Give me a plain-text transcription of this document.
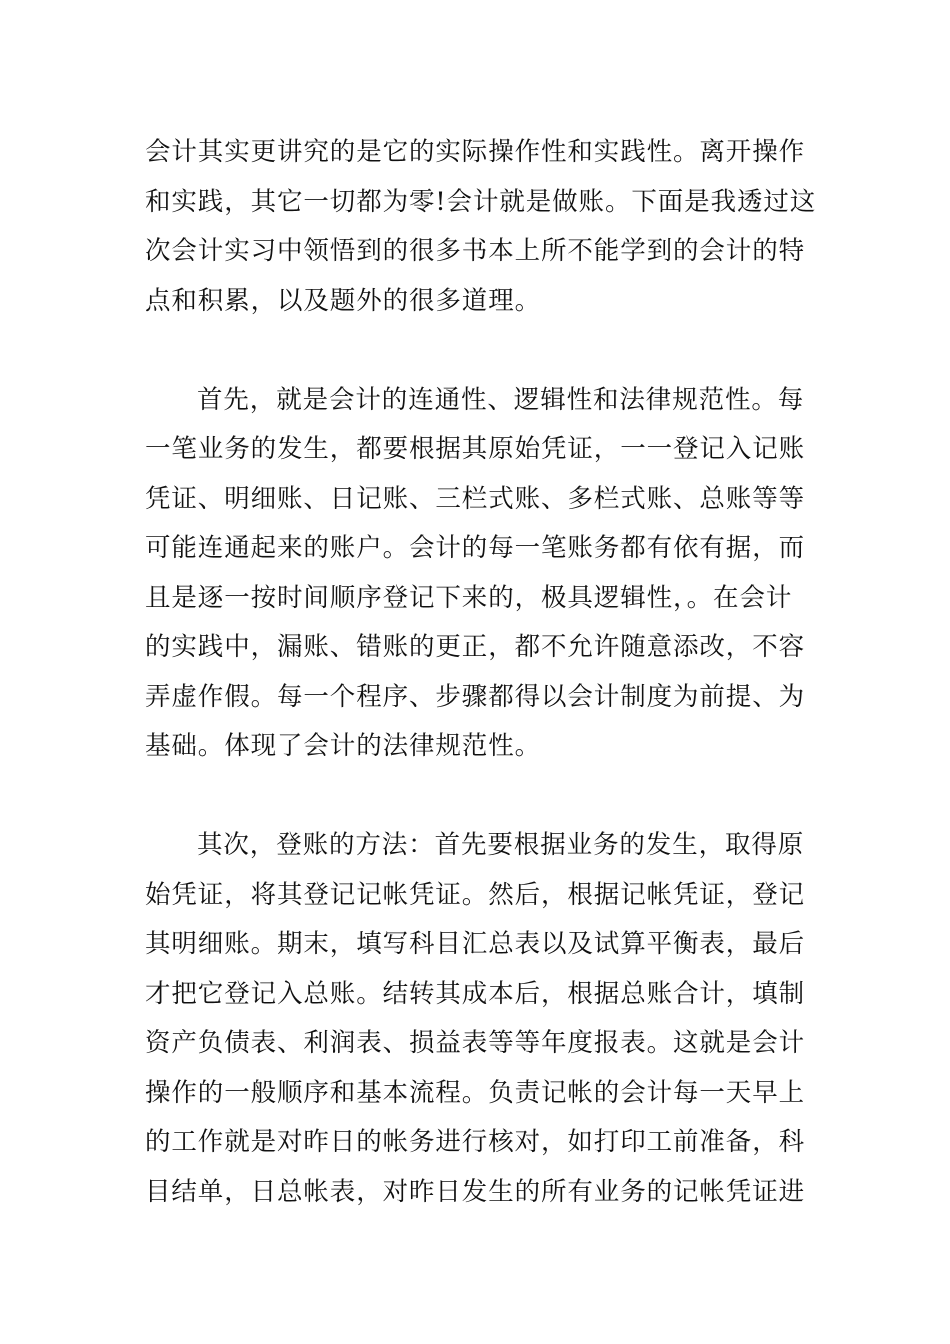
会计其实更讲究的是它的实际操作性和实践性。离开操作
和实践，其它一切都为零!会计就是做账。下面是我透过这
次会计实习中领悟到的很多书本上所不能学到的会计的特
点和积累，以及题外的很多道理。

首先，就是会计的连通性、逻辑性和法律规范性。每
一笔业务的发生，都要根据其原始凭证，一一登记入记账
凭证、明细账、日记账、三栏式账、多栏式账、总账等等
可能连通起来的账户。会计的每一笔账务都有依有据，而
且是逐一按时间顺序登记下来的，极具逻辑性，。在会计
的实践中，漏账、错账的更正，都不允许随意添改，不容
弄虚作假。每一个程序、步骤都得以会计制度为前提、为
基础。体现了会计的法律规范性。

其次，登账的方法：首先要根据业务的发生，取得原
始凭证，将其登记记帐凭证。然后，根据记帐凭证，登记
其明细账。期末，填写科目汇总表以及试算平衡表，最后
才把它登记入总账。结转其成本后，根据总账合计，填制
资产负债表、利润表、损益表等等年度报表。这就是会计
操作的一般顺序和基本流程。负责记帐的会计每一天早上
的工作就是对昨日的帐务进行核对，如打印工前准备，科
目结单，日总帐表，对昨日发生的所有业务的记帐凭证进
